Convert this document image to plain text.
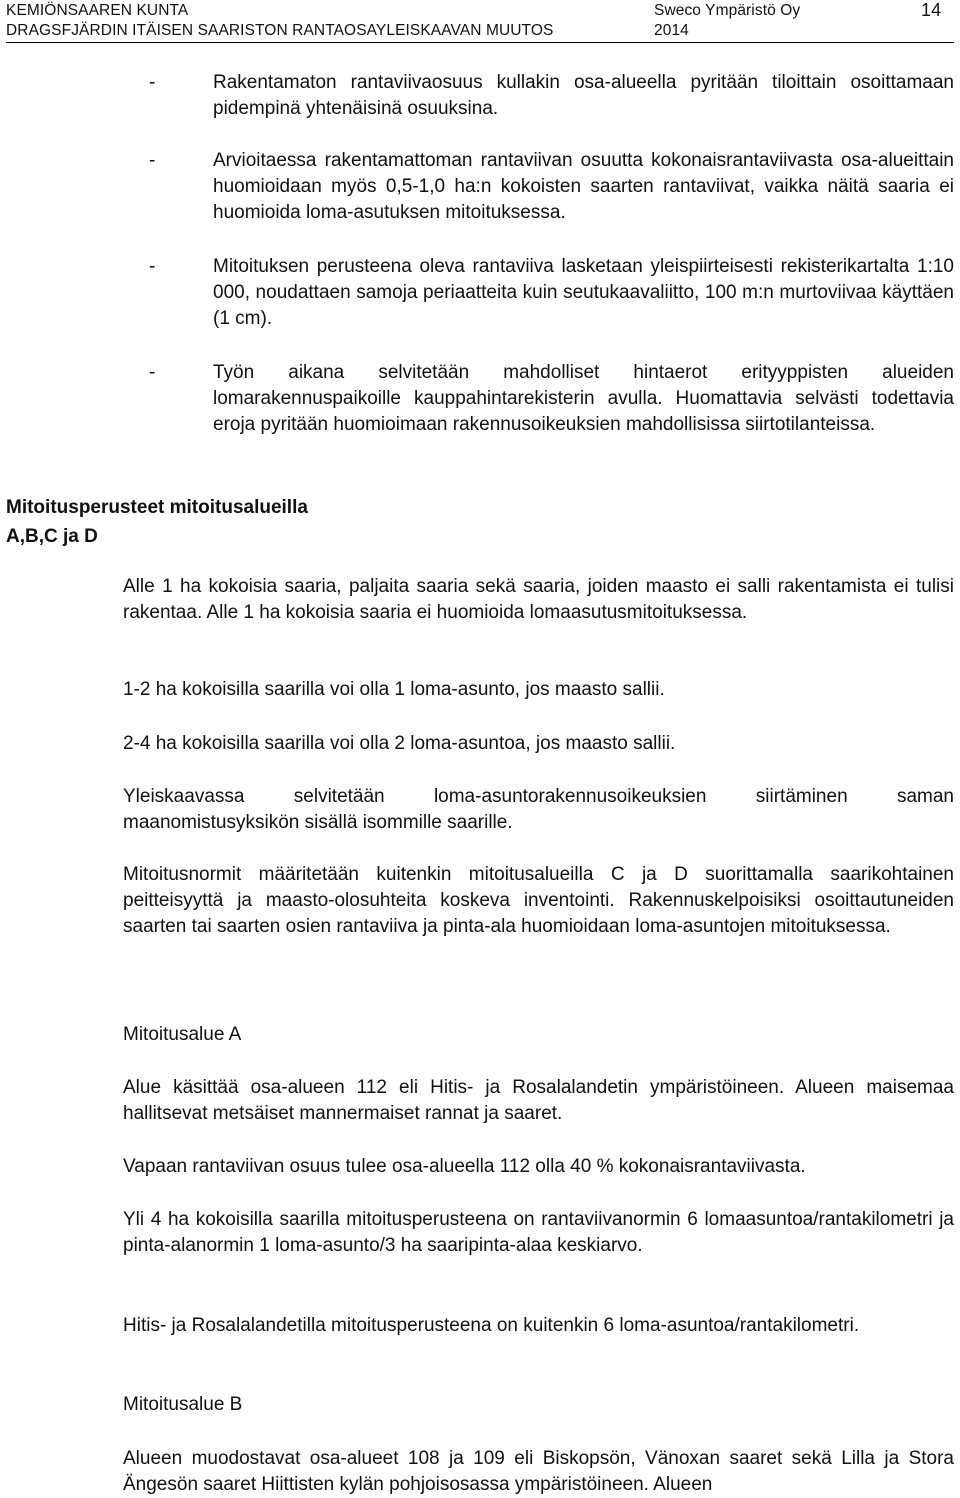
KEMIÖNSAAREN KUNTA
DRAGSFJÄRDIN ITÄISEN SAARISTON RANTAOSAYLEISKAAVAN MUUTOS
Sweco Ympäristö Oy
2014
14
-	Rakentamaton rantaviivaosuus kullakin osa-alueella pyritään tiloittain osoittamaan pidempinä yhtenäisinä osuuksina.
-	Arvioitaessa rakentamattoman rantaviivan osuutta kokonaisrantaviivasta osa-alueittain huomioidaan myös 0,5-1,0 ha:n kokoisten saarten rantaviivat, vaikka näitä saaria ei huomioida loma-asutuksen mitoituksessa.
-	Mitoituksen perusteena oleva rantaviiva lasketaan yleispiirteisesti rekisterikartalta 1:10 000, noudattaen samoja periaatteita kuin seutukaavaliitto, 100 m:n murtoviivaa käyttäen (1 cm).
-	Työn aikana selvitetään mahdolliset hintaerot erityyppisten alueiden lomarakennuspaikoille kauppahintarekisterin avulla. Huomattavia selvästi todettavia eroja pyritään huomioimaan rakennusoikeuksien mahdollisissa siirtotilanteissa.
Mitoitusperusteet mitoitusalueilla
A,B,C ja D
Alle 1 ha kokoisia saaria, paljaita saaria sekä saaria, joiden maasto ei salli rakentamista ei tulisi rakentaa. Alle 1 ha kokoisia saaria ei huomioida lomaasutusmitoituksessa.
1-2 ha kokoisilla saarilla voi olla 1 loma-asunto, jos maasto sallii.
2-4 ha kokoisilla saarilla voi olla 2 loma-asuntoa, jos maasto sallii.
Yleiskaavassa selvitetään loma-asuntorakennusoikeuksien siirtäminen saman maanomistusyksikön sisällä isommille saarille.
Mitoitusnormit määritetään kuitenkin mitoitusalueilla C ja D suorittamalla saarikohtainen peitteisyyttä ja maasto-olosuhteita koskeva inventointi. Rakennuskelpoisiksi osoittautuneiden saarten tai saarten osien rantaviiva ja pinta-ala huomioidaan loma-asuntojen mitoituksessa.
Mitoitusalue A
Alue käsittää osa-alueen 112 eli Hitis- ja Rosalalandetin ympäristöineen. Alueen maisemaa hallitsevat metsäiset mannermaiset rannat ja saaret.
Vapaan rantaviivan osuus tulee osa-alueella 112 olla 40 % kokonaisrantaviivasta.
Yli 4 ha kokoisilla saarilla mitoitusperusteena on rantaviivanormin 6 lomaasuntoa/rantakilometri ja pinta-alanormin 1 loma-asunto/3 ha saaripinta-alaa keskiarvo.
Hitis- ja Rosalalandetilla mitoitusperusteena on kuitenkin 6 loma-asuntoa/rantakilometri.
Mitoitusalue B
Alueen muodostavat osa-alueet 108 ja 109 eli Biskopsön, Vänoxan saaret sekä Lilla ja Stora Ängesön saaret Hiittisten kylän pohjoisosassa ympäristöineen. Alueen
